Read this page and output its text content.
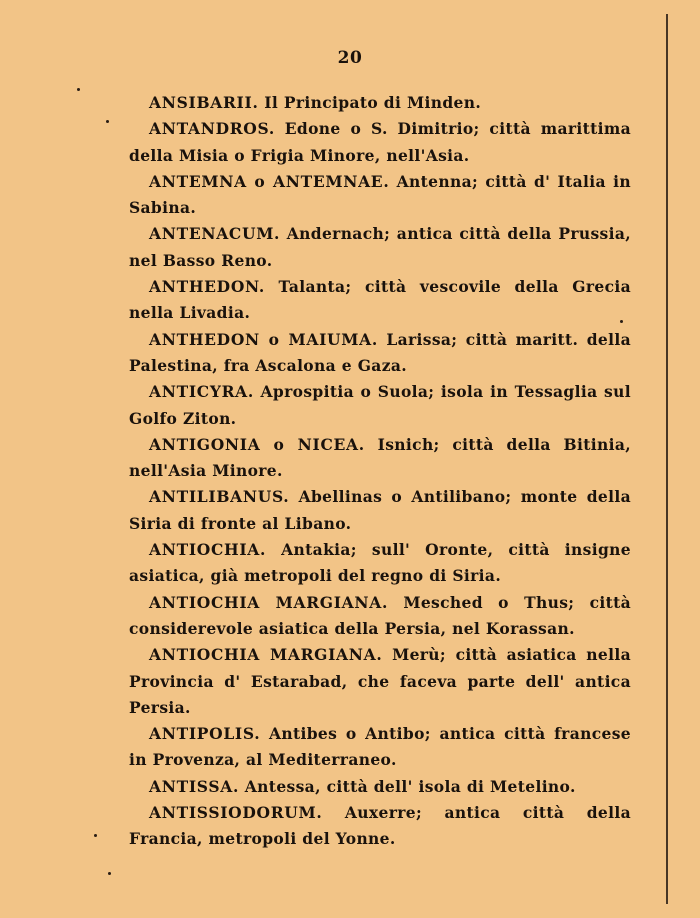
20

ANSIBARII. Il Principato di Minden.

ANTANDROS. Edone o S. Dimitrio; città marittima della Misia o Frigia Minore, nell'Asia.

ANTEMNA o ANTEMNAE. Antenna; città d' Italia in Sabina.

ANTENACUM. Andernach; antica città della Prussia, nel Basso Reno.

ANTHEDON. Talanta; città vescovile della Grecia nella Livadia.

ANTHEDON o MAIUMA. Larissa; città maritt. della Palestina, fra Ascalona e Gaza.

ANTICYRA. Aprospitia o Suola; isola in Tessaglia sul Golfo Ziton.

ANTIGONIA o NICEA. Isnich; città della Bitinia, nell'Asia Minore.

ANTILIBANUS. Abellinas o Antilibano; monte della Siria di fronte al Libano.

ANTIOCHIA. Antakia; sull' Oronte, città insigne asiatica, già metropoli del regno di Siria.

ANTIOCHIA MARGIANA. Mesched o Thus; città considerevole asiatica della Persia, nel Korassan.

ANTIOCHIA MARGIANA. Merù; città asiatica nella Provincia d' Estarabad, che faceva parte dell' antica Persia.

ANTIPOLIS. Antibes o Antibo; antica città francese in Provenza, al Mediterraneo.

ANTISSA. Antessa, città dell' isola di Metelino.

ANTISSIODORUM. Auxerre; antica città della Francia, metropoli del Yonne.
